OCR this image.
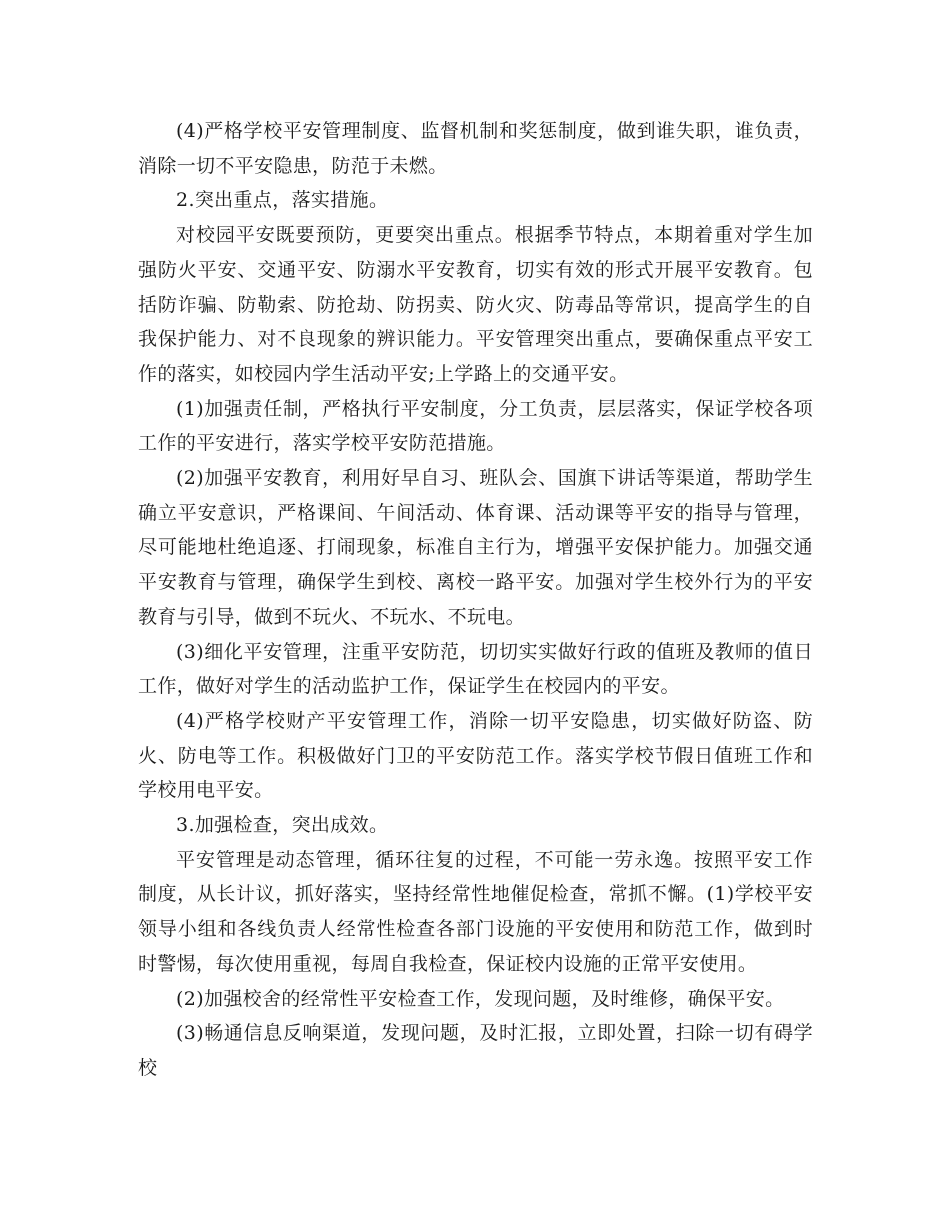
(4)严格学校平安管理制度、监督机制和奖惩制度，做到谁失职，谁负责，消除一切不平安隐患，防范于未燃。

2.突出重点，落实措施。

对校园平安既要预防，更要突出重点。根据季节特点，本期着重对学生加强防火平安、交通平安、防溺水平安教育，切实有效的形式开展平安教育。包括防诈骗、防勒索、防抢劫、防拐卖、防火灾、防毒品等常识，提高学生的自我保护能力、对不良现象的辨识能力。平安管理突出重点，要确保重点平安工作的落实，如校园内学生活动平安;上学路上的交通平安。

(1)加强责任制，严格执行平安制度，分工负责，层层落实，保证学校各项工作的平安进行，落实学校平安防范措施。

(2)加强平安教育，利用好早自习、班队会、国旗下讲话等渠道，帮助学生确立平安意识，严格课间、午间活动、体育课、活动课等平安的指导与管理，尽可能地杜绝追逐、打闹现象，标准自主行为，增强平安保护能力。加强交通平安教育与管理，确保学生到校、离校一路平安。加强对学生校外行为的平安教育与引导，做到不玩火、不玩水、不玩电。

(3)细化平安管理，注重平安防范，切切实实做好行政的值班及教师的值日工作，做好对学生的活动监护工作，保证学生在校园内的平安。

(4)严格学校财产平安管理工作，消除一切平安隐患，切实做好防盗、防火、防电等工作。积极做好门卫的平安防范工作。落实学校节假日值班工作和学校用电平安。

3.加强检查，突出成效。

平安管理是动态管理，循环往复的过程，不可能一劳永逸。按照平安工作制度，从长计议，抓好落实，坚持经常性地催促检查，常抓不懈。(1)学校平安领导小组和各线负责人经常性检查各部门设施的平安使用和防范工作，做到时时警惕，每次使用重视，每周自我检查，保证校内设施的正常平安使用。

(2)加强校舍的经常性平安检查工作，发现问题，及时维修，确保平安。

(3)畅通信息反响渠道，发现问题，及时汇报，立即处置，扫除一切有碍学校
